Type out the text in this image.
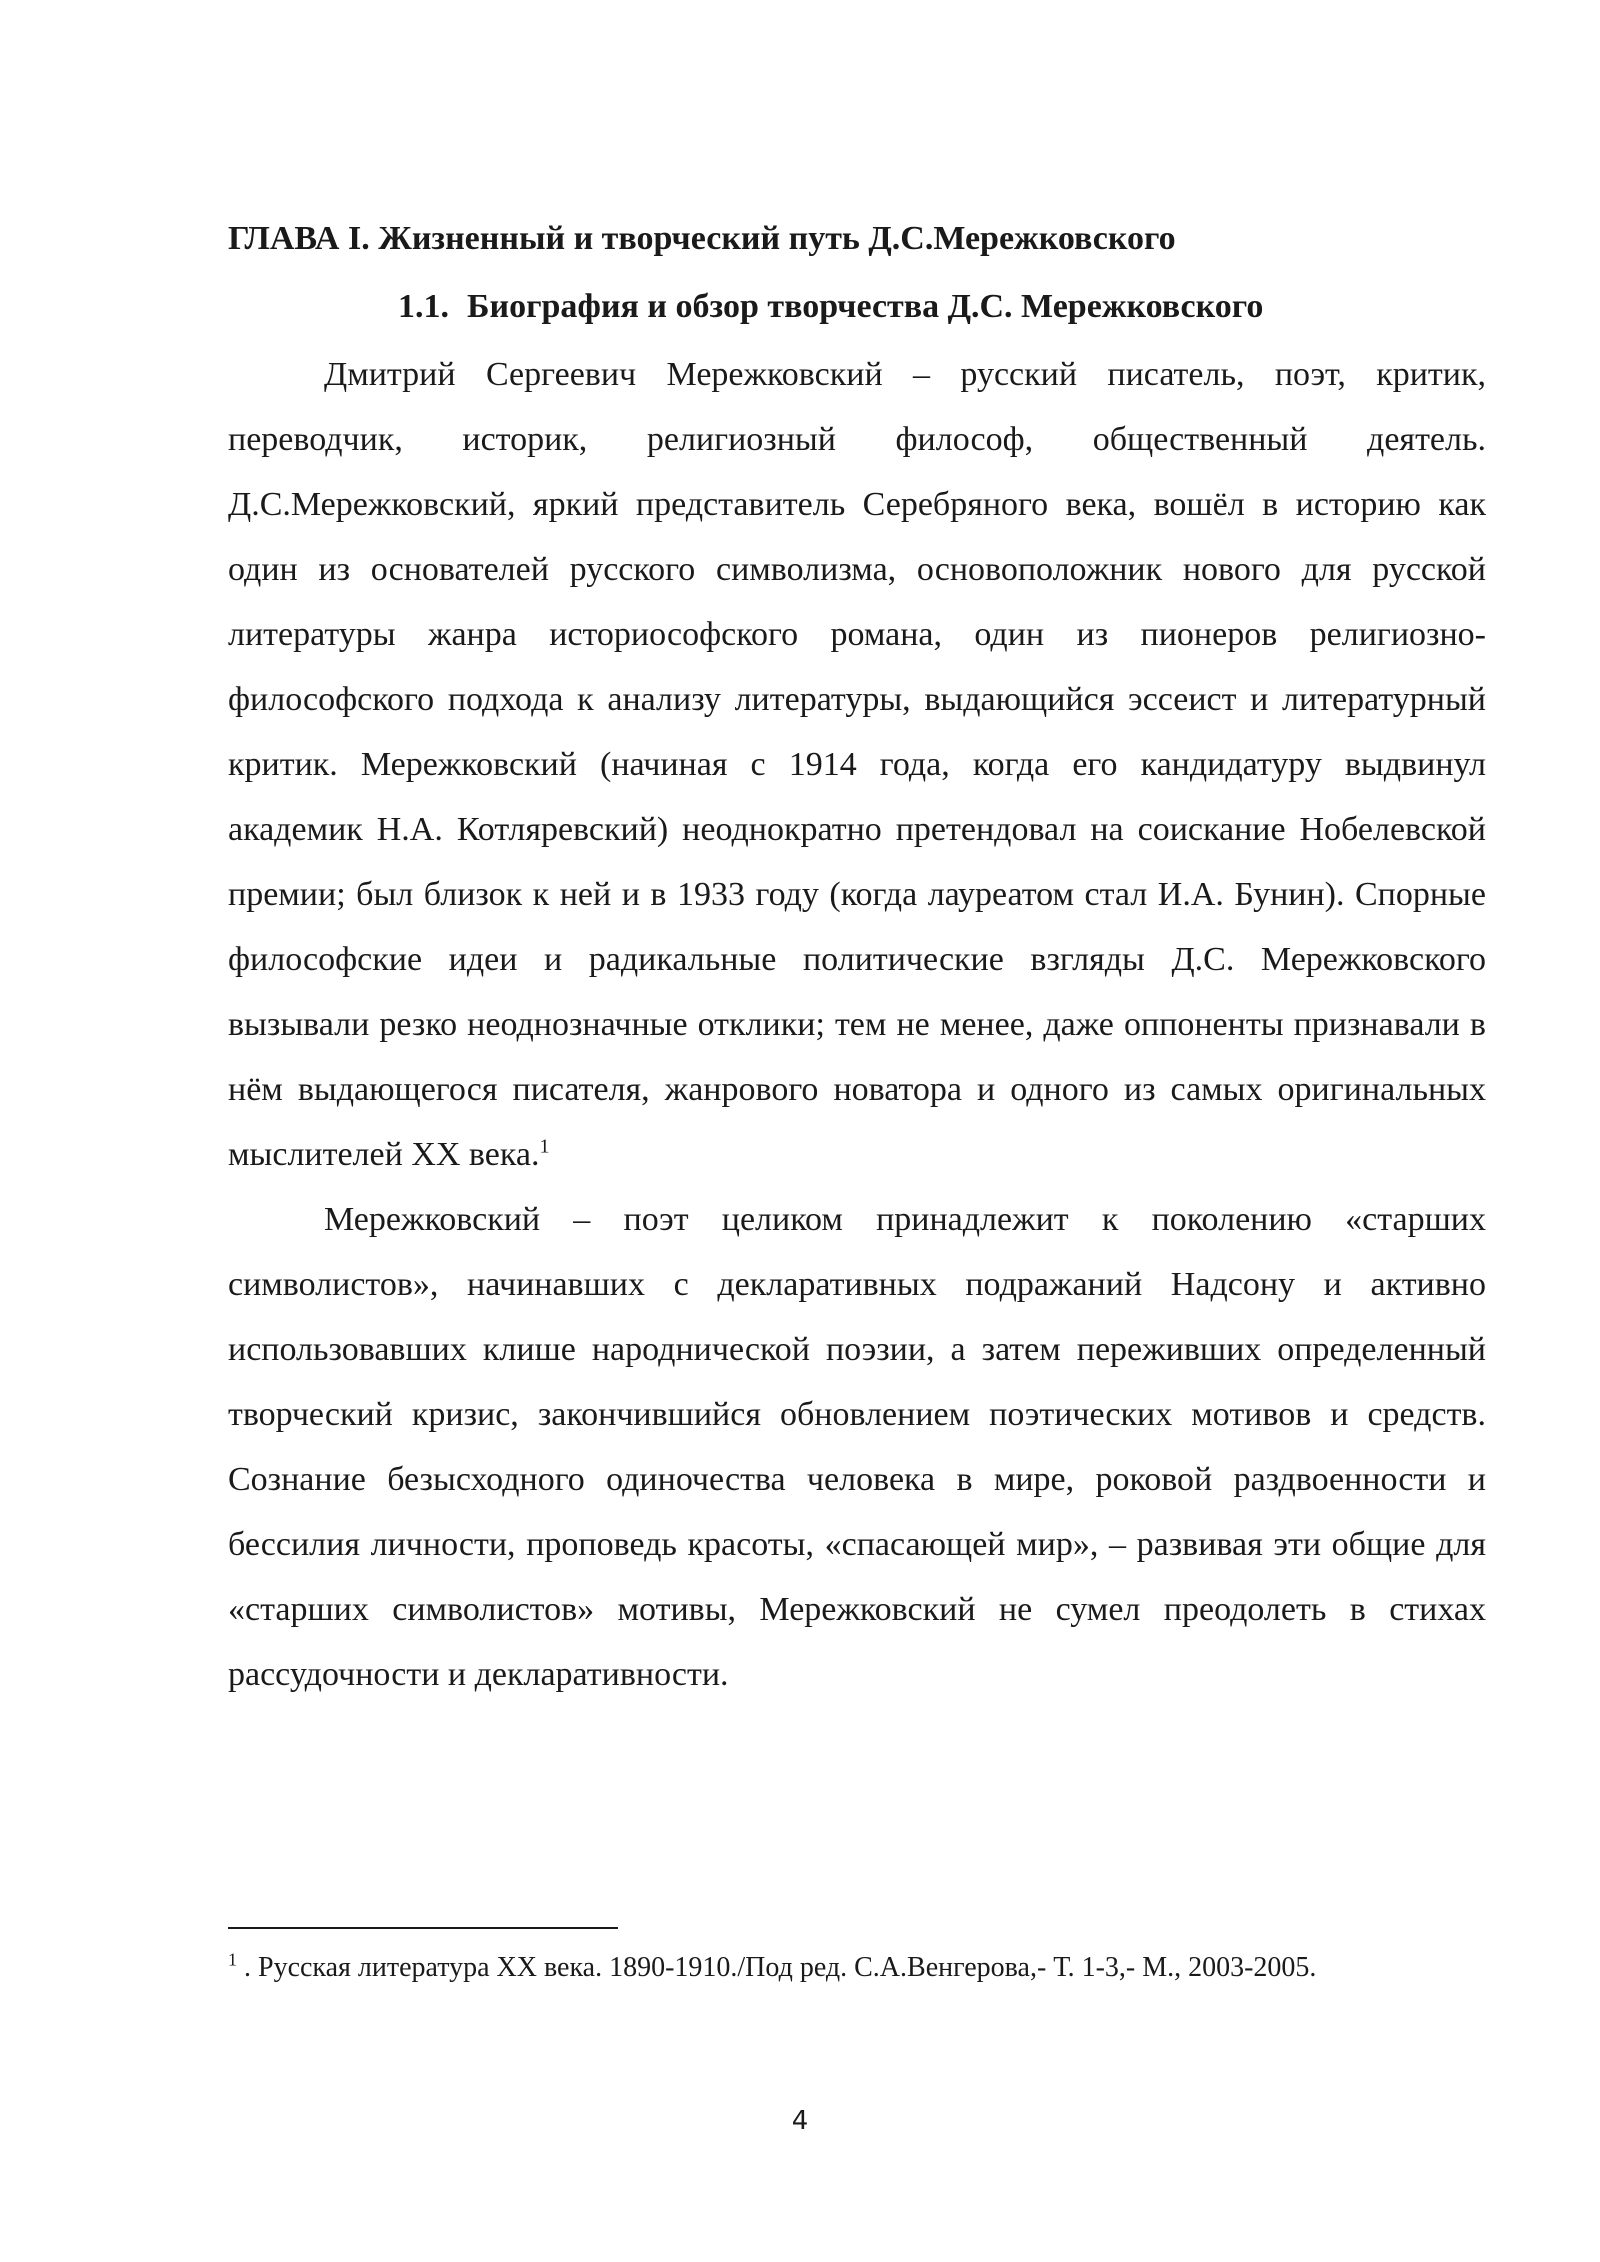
ГЛАВА I. Жизненный и творческий путь Д.С.Мережковского
1.1. Биография и обзор творчества Д.С. Мережковского

Дмитрий Сергеевич Мережковский – русский писатель, поэт, критик, переводчик, историк, религиозный философ, общественный деятель. Д.С.Мережковский, яркий представитель Серебряного века, вошёл в историю как один из основателей русского символизма, основоположник нового для русской литературы жанра историософского романа, один из пионеров религиозно-философского подхода к анализу литературы, выдающийся эссеист и литературный критик. Мережковский (начиная с 1914 года, когда его кандидатуру выдвинул академик Н.А. Котляревский) неоднократно претендовал на соискание Нобелевской премии; был близок к ней и в 1933 году (когда лауреатом стал И.А. Бунин). Спорные философские идеи и радикальные политические взгляды Д.С. Мережковского вызывали резко неоднозначные отклики; тем не менее, даже оппоненты признавали в нём выдающегося писателя, жанрового новатора и одного из самых оригинальных мыслителей XX века.$^1$

Мережковский – поэт целиком принадлежит к поколению «старших символистов», начинавших с декларативных подражаний Надсону и активно использовавших клише народнической поэзии, а затем переживших определенный творческий кризис, закончившийся обновлением поэтических мотивов и средств. Сознание безысходного одиночества человека в мире, роковой раздвоенности и бессилия личности, проповедь красоты, «спасающей мир», – развивая эти общие для «старших символистов» мотивы, Мережковский не сумел преодолеть в стихах рассудочности и декларативности.

$^1$ . Русская литература XX века. 1890-1910./Под ред. С.А.Венгерова,- Т. 1-3,- М., 2003-2005.
4
